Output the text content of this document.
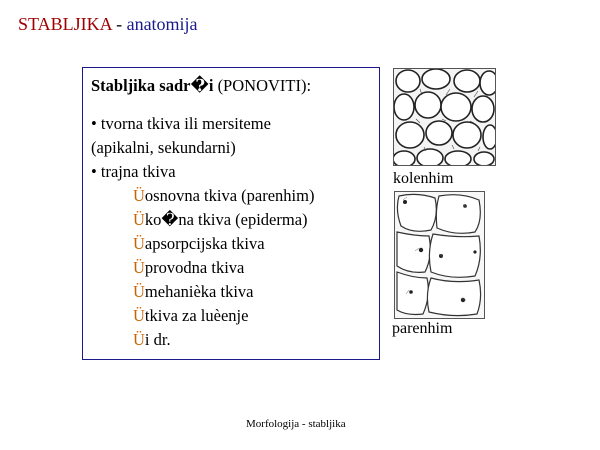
STABLJIKA - anatomija
Stabljika sadr�i (PONOVITI):
• tvorna tkiva ili mersiteme
(apikalni, sekundarni)
• trajna tkiva
Üosnovna tkiva (parenhim)
Üko�na tkiva (epiderma)
Üapsorpcijska tkiva
Üprovodna tkiva
Ümehanièka tkiva
Ütkiva za luèenje
Üi dr.
kolenhim
parenhim
Morfologija - stabljika
